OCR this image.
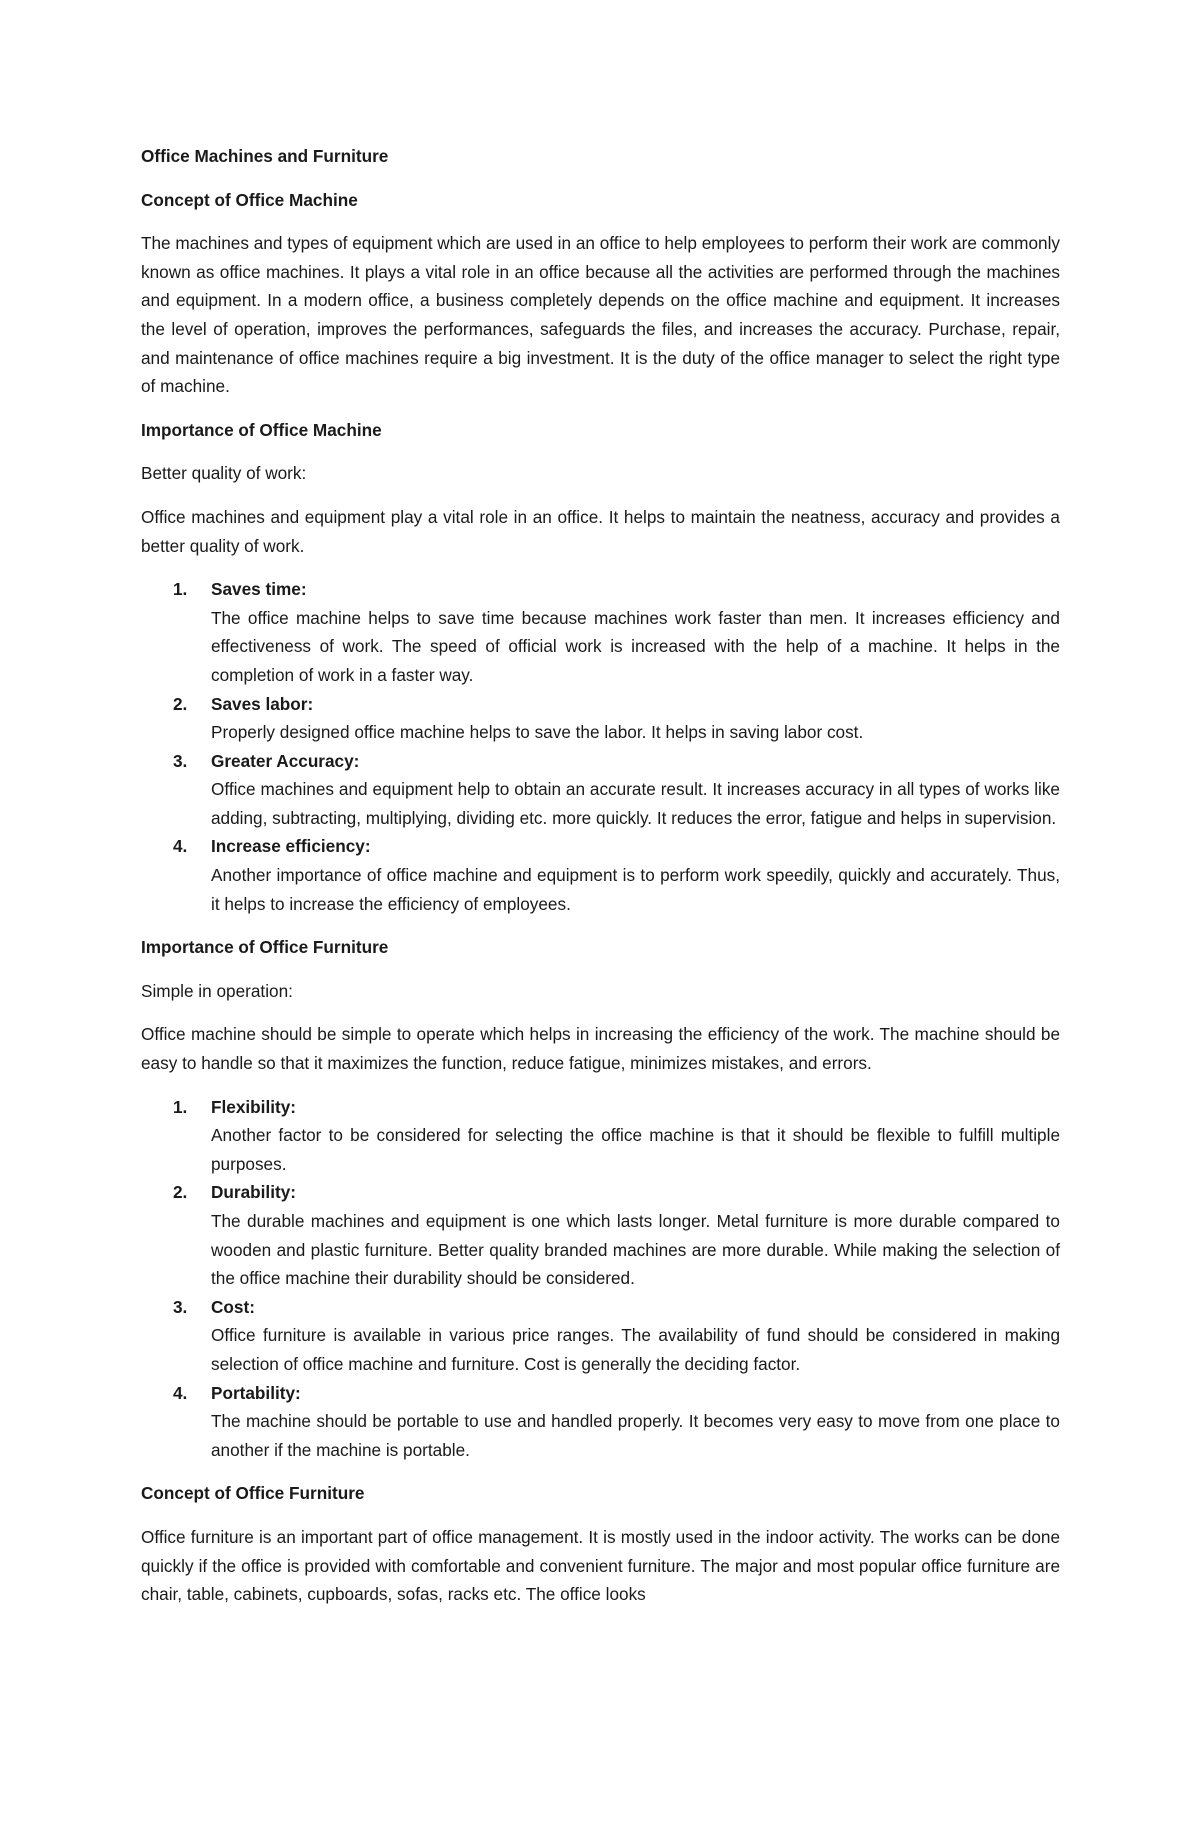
Office Machines and Furniture
Concept of Office Machine
The machines and types of equipment which are used in an office to help employees to perform their work are commonly known as office machines. It plays a vital role in an office because all the activities are performed through the machines and equipment. In a modern office, a business completely depends on the office machine and equipment. It increases the level of operation, improves the performances, safeguards the files, and increases the accuracy. Purchase, repair, and maintenance of office machines require a big investment. It is the duty of the office manager to select the right type of machine.
Importance of Office Machine
Better quality of work:
Office machines and equipment play a vital role in an office. It helps to maintain the neatness, accuracy and provides a better quality of work.
1. Saves time:
The office machine helps to save time because machines work faster than men. It increases efficiency and effectiveness of work. The speed of official work is increased with the help of a machine. It helps in the completion of work in a faster way.
2. Saves labor:
Properly designed office machine helps to save the labor. It helps in saving labor cost.
3. Greater Accuracy:
Office machines and equipment help to obtain an accurate result. It increases accuracy in all types of works like adding, subtracting, multiplying, dividing etc. more quickly. It reduces the error, fatigue and helps in supervision.
4. Increase efficiency:
Another importance of office machine and equipment is to perform work speedily, quickly and accurately. Thus, it helps to increase the efficiency of employees.
Importance of Office Furniture
Simple in operation:
Office machine should be simple to operate which helps in increasing the efficiency of the work. The machine should be easy to handle so that it maximizes the function, reduce fatigue, minimizes mistakes, and errors.
1. Flexibility:
Another factor to be considered for selecting the office machine is that it should be flexible to fulfill multiple purposes.
2. Durability:
The durable machines and equipment is one which lasts longer. Metal furniture is more durable compared to wooden and plastic furniture. Better quality branded machines are more durable. While making the selection of the office machine their durability should be considered.
3. Cost:
Office furniture is available in various price ranges. The availability of fund should be considered in making selection of office machine and furniture. Cost is generally the deciding factor.
4. Portability:
The machine should be portable to use and handled properly. It becomes very easy to move from one place to another if the machine is portable.
Concept of Office Furniture
Office furniture is an important part of office management. It is mostly used in the indoor activity. The works can be done quickly if the office is provided with comfortable and convenient furniture. The major and most popular office furniture are chair, table, cabinets, cupboards, sofas, racks etc. The office looks
